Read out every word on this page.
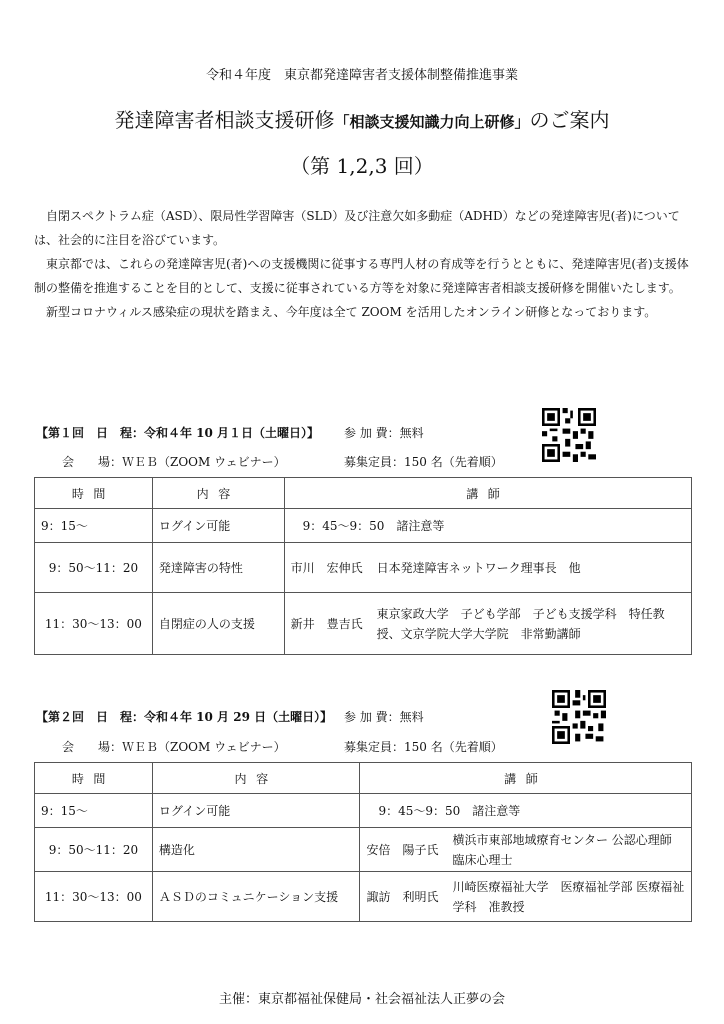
令和４年度　東京都発達障害者支援体制整備推進事業
発達障害者相談支援研修「相談支援知識力向上研修」のご案内
（第 1,2,3 回）

自閉スペクトラム症（ASD）、限局性学習障害（SLD）及び注意欠如多動症（ADHD）などの発達障害児(者)については、社会的に注目を浴びています。

東京都では、これらの発達障害児(者)への支援機関に従事する専門人材の育成等を行うとともに、発達障害児(者)支援体制の整備を推進することを目的として、支援に従事されている方等を対象に発達障害者相談支援研修を開催いたします。

新型コロナウィルス感染症の現状を踏まえ、今年度は全て ZOOM を活用したオンライン研修となっております。

【第１回　日　程：令和４年 10 月１日（土曜日）】 参 加 費：無料
会　　場：ＷＥＢ（ZOOM ウェビナー）	募集定員：150 名（先着順）
時間	内容	講師
9：15～	ログイン可能	9：45～9：50　諸注意等
9：50～11：20	発達障害の特性	市川　宏伸氏 日本発達障害ネットワーク理事長　他
11：30～13：00	自閉症の人の支援	新井　豊吉氏
東京家政大学　子ども学部　子ども支援学科　特任教授、文京学院大学大学院　非常勤講師
【第２回　日　程：令和４年 10 月 29 日（土曜日）】 参 加 費：無料
会　　場：ＷＥＢ（ZOOM ウェビナー）	募集定員：150 名（先着順）
時間	内容	講師
9：15～	ログイン可能	9：45～9：50　諸注意等
9：50～11：20	構造化	安倍　陽子氏
横浜市東部地域療育センター 公認心理師　臨床心理士

11：30～13：00	ＡＳＤのコミュニケーション支援	諏訪　利明氏
川崎医療福祉大学　医療福祉学部 医療福祉学科　准教授
主催：東京都福祉保健局・社会福祉法人正夢の会
